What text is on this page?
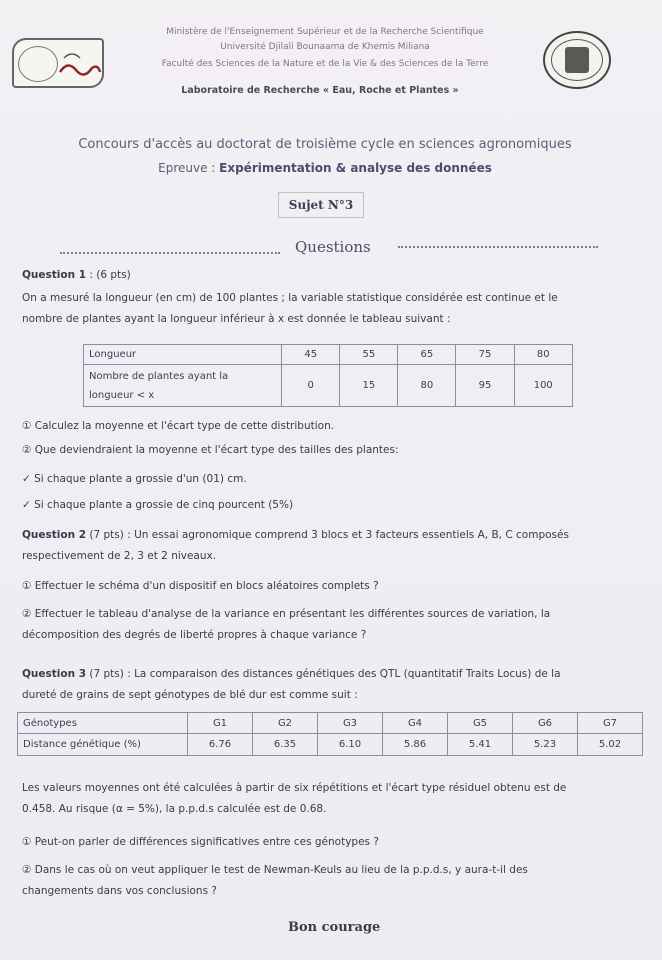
Ministère de l'Enseignement Supérieur et de la Recherche Scientifique
Université Djilali Bounaama de Khemis Miliana
Faculté des Sciences de la Nature et de la Vie & des Sciences de la Terre
Laboratoire de Recherche « Eau, Roche et Plantes »
Concours d'accès au doctorat de troisième cycle en sciences agronomiques
Epreuve : Expérimentation & analyse des données
Sujet N°3
Questions
Question 1 : (6 pts)
On a mesuré la longueur (en cm) de 100 plantes ; la variable statistique considérée est continue et le
nombre de plantes ayant la longueur inférieur à x est donnée le tableau suivant :
Longueur	45	55	65	75	80

Nombre de plantes ayant la
longueur < x	0	15	80	95	100
① Calculez la moyenne et l'écart type de cette distribution.
② Que deviendraient la moyenne et l'écart type des tailles des plantes:
✓ Si chaque plante a grossie d'un (01) cm.
✓ Si chaque plante a grossie de cinq pourcent (5%)
Question 2 (7 pts) : Un essai agronomique comprend 3 blocs et 3 facteurs essentiels A, B, C composés
respectivement de 2, 3 et 2 niveaux.
① Effectuer le schéma d'un dispositif en blocs aléatoires complets ?
② Effectuer le tableau d'analyse de la variance en présentant les différentes sources de variation, la
décomposition des degrés de liberté propres à chaque variance ?
Question 3 (7 pts) : La comparaison des distances génétiques des QTL (quantitatif Traits Locus) de la
dureté de grains de sept génotypes de blé dur est comme suit :
Génotypes	G1	G2	G3	G4	G5	G6	G7
Distance génétique (%)	6.76	6.35	6.10	5.86	5.41	5.23	5.02
Les valeurs moyennes ont été calculées à partir de six répétitions et l'écart type résiduel obtenu est de
0.458. Au risque (α = 5%), la p.p.d.s calculée est de 0.68.
① Peut-on parler de différences significatives entre ces génotypes ?
② Dans le cas où on veut appliquer le test de Newman-Keuls au lieu de la p.p.d.s, y aura-t-il des
changements dans vos conclusions ?
Bon courage
